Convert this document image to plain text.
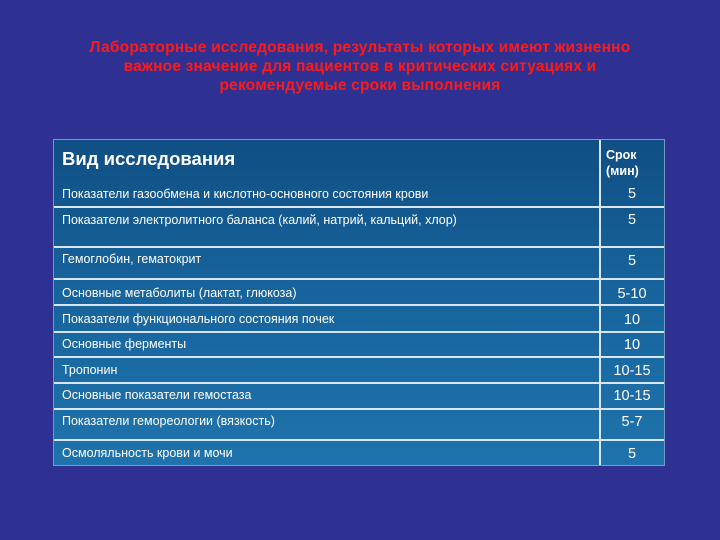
Лабораторные исследования, результаты которых имеют жизненно
важное значение для пациентов в критических ситуациях и
рекомендуемые сроки выполнения
Вид исследования	Срок
(мин)
Показатели газообмена и кислотно-основного состояния крови	5
Показатели электролитного баланса (калий, натрий, кальций, хлор)	5
Гемоглобин, гематокрит	5
Основные метаболиты (лактат, глюкоза)	5-10
Показатели функционального состояния почек	10
Основные ферменты	10
Тропонин	10-15
Основные показатели гемостаза	10-15
Показатели гемореологии (вязкость)	5-7
Осмоляльность крови и мочи	5
